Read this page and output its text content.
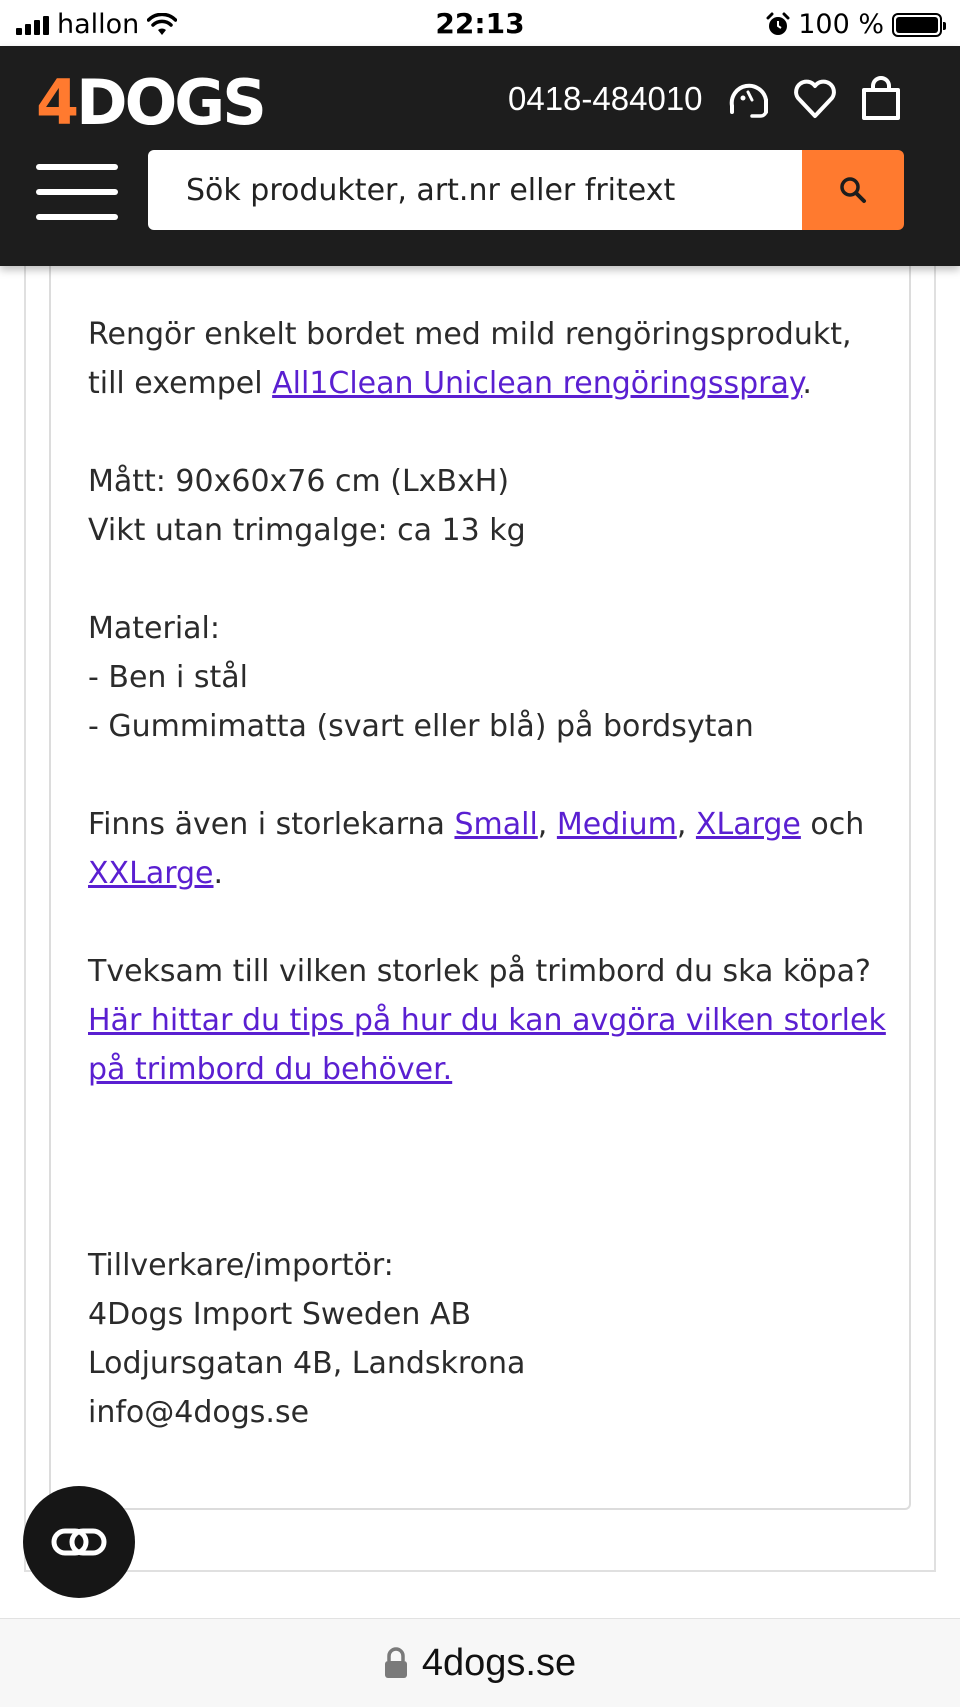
hallon	22:13	100 %
4DOGS	0418-484010
Sök produkter, art.nr eller fritext

Rengör enkelt bordet med mild rengöringsprodukt, till exempel All1Clean Uniclean rengöringsspray.

Mått: 90x60x76 cm (LxBxH)

Vikt utan trimgalge: ca 13 kg

Material:

- Ben i stål

- Gummimatta (svart eller blå) på bordsytan

Finns även i storlekarna Small, Medium, XLarge och XXLarge.

Tveksam till vilken storlek på trimbord du ska köpa?

Här hittar du tips på hur du kan avgöra vilken storlek på trimbord du behöver.

Tillverkare/importör:

4Dogs Import Sweden AB

Lodjursgatan 4B, Landskrona

info@4dogs.se

4dogs.se
